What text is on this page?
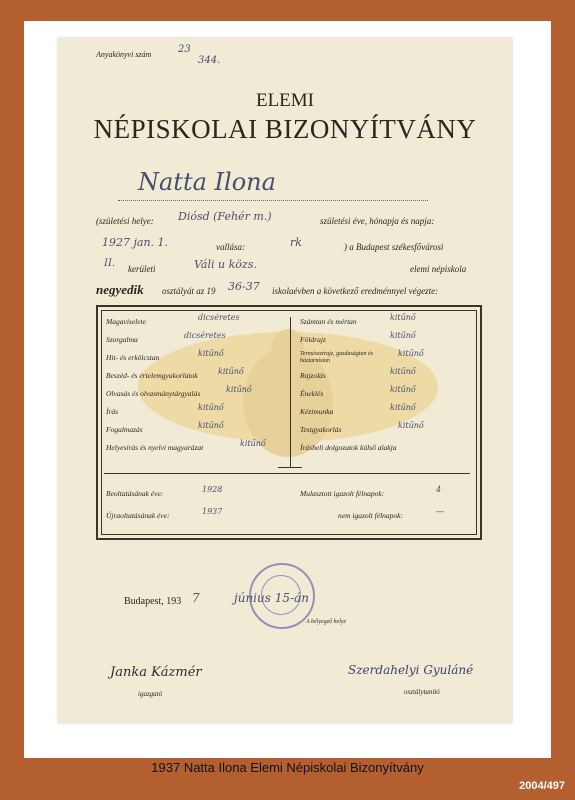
Anyakönyvi szám	23
344.
ELEMI
NÉPISKOLAI BIZONYÍTVÁNY
Natta Ilona
(születési helye: Diósd (Fehér m.)	születési éve, hónapja és napja:
1927 jan. 1.	vallása:	rk	) a Budapest székesfővárosi
II. kerületi	Váli u közs.	elemi népiskola
negyedik osztályát az 19 36-37 iskolaévben a következő eredménnyel végezte:
Magaviselete	dicséretes
Szorgalma	dicséretes
Hit- és erkölcstan	kitűnő
Beszéd- és értelemgyakorlatok	kitűnő
Olvasás és olvasmánytárgyalás	kitűnő
Írás	kitűnő
Fogalmazás	kitűnő
Helyesírás és nyelvi magyarázat	kitűnő
Számtan és mértan	kitűnő
Földrajz	kitűnő
Természetrajz, gazdaságtan és háztartástan
kitűnő
Rajzolás	kitűnő
Éneklés	kitűnő
Kézimunka	kitűnő
Testgyakorlás	kitűnő
Írásbeli dolgozatok külső alakja
Beoltatásának éve:	1928
Újraoltatásának éve:	1937
Mulasztott igazolt félnapok:	4
nem igazolt félnapok:	—
Budapest, 193 7	június 15-án
A bélyegző helye
Janka Kázmér
igazgató
Szerdahelyi Gyuláné
osztálytanító
1937 Natta Ilona Elemi Népiskolai Bizonyítvány
2004/497
